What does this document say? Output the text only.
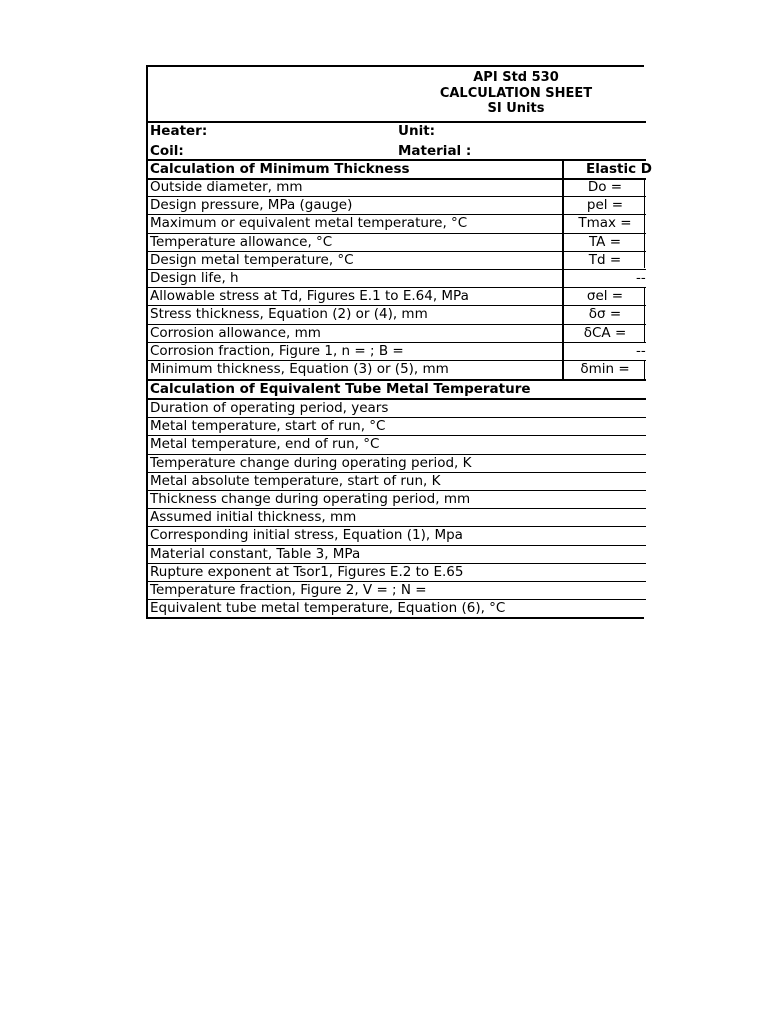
API Std 530
CALCULATION SHEET
SI Units
Heater:	Unit:
Coil:	Material :
Calculation of Minimum Thickness	Elastic D
Outside diameter, mm	Do =
Design pressure, MPa (gauge)	pel =
Maximum or equivalent metal temperature, °C	Tmax =
Temperature allowance, °C	TA =
Design metal temperature, °C	Td =
Design life, h	--
Allowable stress at Td, Figures E.1 to E.64, MPa	σel =
Stress thickness, Equation (2) or (4), mm	δσ =
Corrosion allowance, mm	δCA =
Corrosion fraction, Figure 1, n = ; B =	--
Minimum thickness, Equation (3) or (5), mm	δmin =
Calculation of Equivalent Tube Metal Temperature
Duration of operating period, years
Metal temperature, start of run, °C
Metal temperature, end of run, °C
Temperature change during operating period, K
Metal absolute temperature, start of run, K
Thickness change during operating period, mm
Assumed initial thickness, mm
Corresponding initial stress, Equation (1), Mpa
Material constant, Table 3, MPa
Rupture exponent at Tsor1, Figures E.2 to E.65
Temperature fraction, Figure 2, V = ; N =
Equivalent tube metal temperature, Equation (6), °C
